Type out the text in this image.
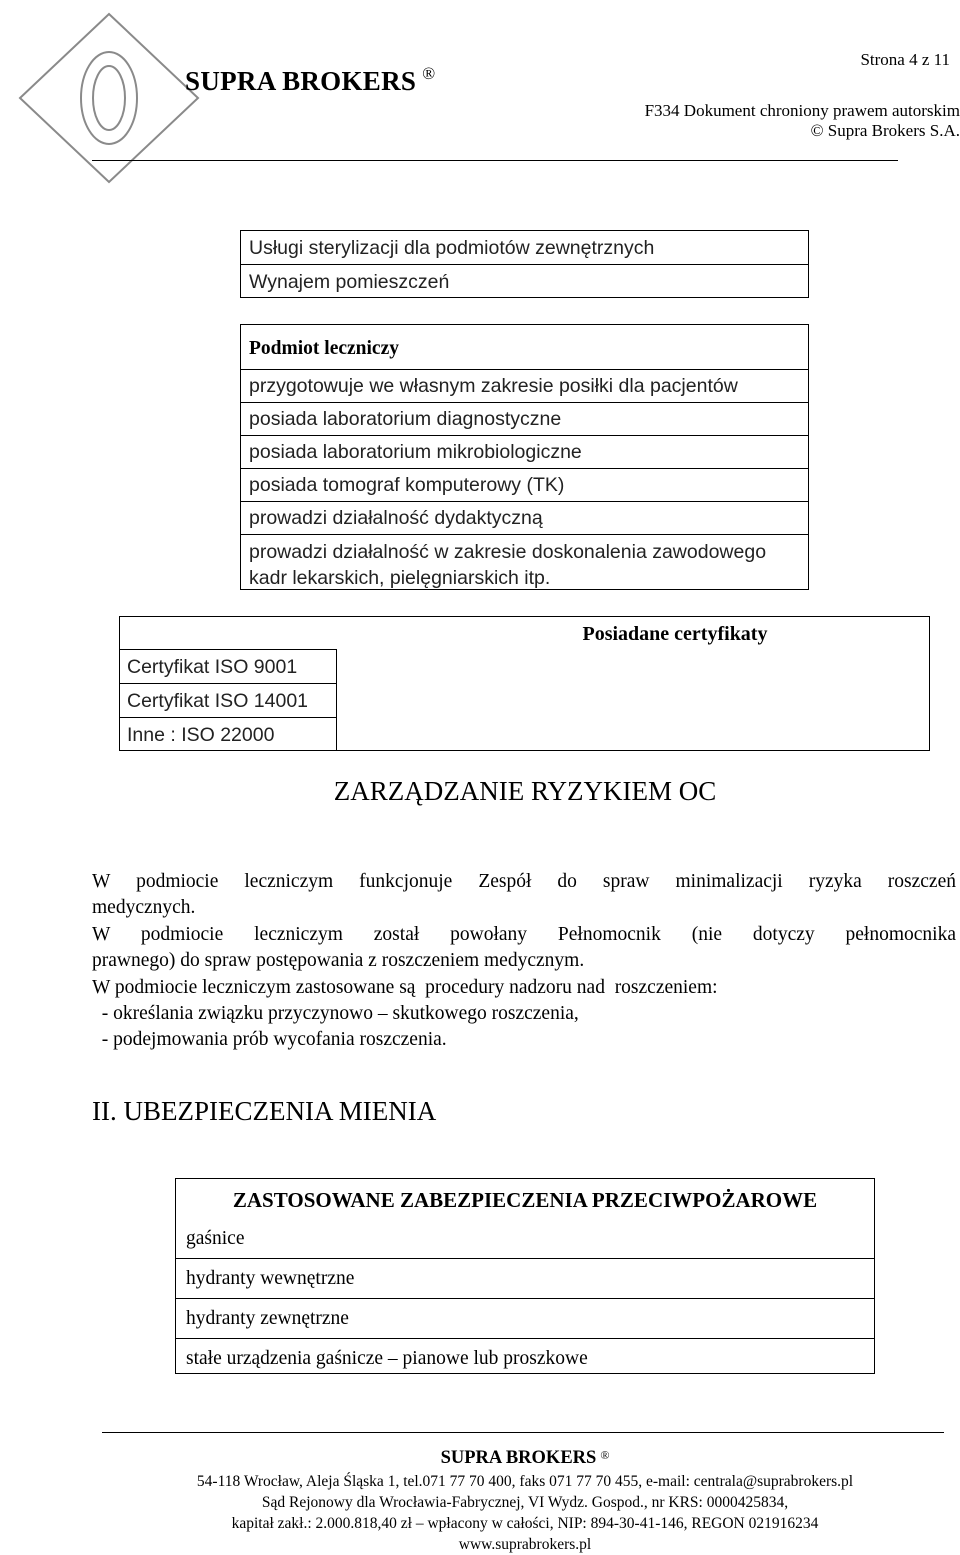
SUPRA BROKERS ®
Strona 4 z 11
F334 Dokument chroniony prawem autorskim
© Supra Brokers S.A.
Usługi sterylizacji dla podmiotów zewnętrznych
Wynajem pomieszczeń
Podmiot leczniczy
przygotowuje we własnym zakresie posiłki dla pacjentów
posiada laboratorium diagnostyczne
posiada laboratorium mikrobiologiczne
posiada tomograf komputerowy (TK)
prowadzi działalność dydaktyczną
prowadzi działalność w zakresie doskonalenia zawodowego kadr lekarskich, pielęgniarskich itp.
Posiadane certyfikaty
Certyfikat ISO 9001
Certyfikat ISO 14001
Inne : ISO 22000
ZARZĄDZANIE RYZYKIEM OC
W podmiocie leczniczym funkcjonuje Zespół do spraw minimalizacji ryzyka roszczeń
medycznych.
W podmiocie leczniczym został powołany Pełnomocnik (nie dotyczy pełnomocnika
prawnego) do spraw postępowania z roszczeniem medycznym.
W podmiocie leczniczym zastosowane są  procedury nadzoru nad  roszczeniem:
- określania związku przyczynowo – skutkowego roszczenia,
- podejmowania prób wycofania roszczenia.
II. UBEZPIECZENIA MIENIA
ZASTOSOWANE ZABEZPIECZENIA PRZECIWPOŻAROWE
gaśnice
hydranty wewnętrzne
hydranty zewnętrzne
stałe urządzenia gaśnicze – pianowe lub proszkowe
SUPRA BROKERS ®
54-118 Wrocław, Aleja Śląska 1, tel.071 77 70 400, faks 071 77 70 455, e-mail: centrala@suprabrokers.pl
Sąd Rejonowy dla Wrocławia-Fabrycznej, VI Wydz. Gospod., nr KRS: 0000425834,
kapitał zakł.: 2.000.818,40 zł – wpłacony w całości, NIP: 894-30-41-146, REGON 021916234
www.suprabrokers.pl
